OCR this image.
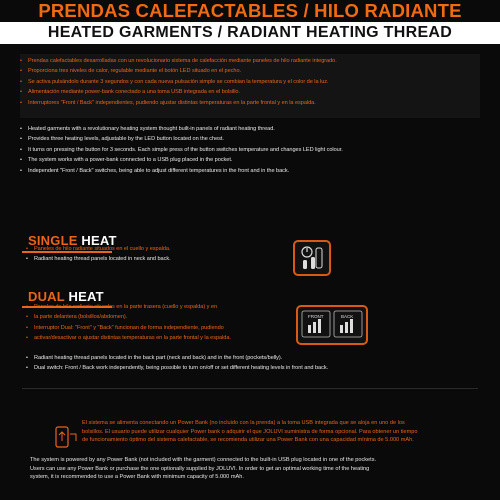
PRENDAS CALEFACTABLES / HILO RADIANTE
HEATED GARMENTS / RADIANT HEATING THREAD
• Prendas calefactables desarrolladas con un revolucionario sistema de calefacción mediante paneles de hilo radiante integrado.
• Proporciona tres niveles de calor, regulable mediante el botón LED situado en el pecho.
• Se activa pulsándolo durante 3 segundos y con cada nueva pulsación simple se combian la temperatura y el color de la luz.
• Alimentación mediante power-bank conectado a una toma USB integrada en el bolsillo.
• Interruptores "Front / Back" independientes, pudiendo ajustar distintas temperaturas en la parte frontal y en la espalda.
• Heated garments with a revolutionary heating system thought built-in panels of radiant heating thread.
• Provides three heating levels, adjustable by the LED button located on the chest.
• It turns on pressing the button for 3 seconds. Each simple press of the button switches temperature and changes LED light colour.
• The system works with a power-bank connected to a USB plug placed in the pocket.
• Independent "Front / Back" switches, being able to adjust different temperatures in the front and in the back.
SINGLE HEAT
• Paneles de hilo radiante situados en el cuello y espalda.
• Radiant heating thread panels located in neck and back.
DUAL HEAT
• Paneles de hilo radiante situados en la parte trasera (cuello y espalda) y en
• la parte delantera (bolsillos/abdomen).
• Interruptor Dual: "Front" y "Back" funcionan de forma independiente, pudiendo
• activar/desactivar o ajustar distintas temperaturas en la parte frontal y la espalda.
FRONT	BACK
• Radiant heating thread panels located in the back part (neck and back) and in the front (pockets/belly).
• Dual switch: Front / Back work independently, being possible to turn on/off or set different heating levels in front and back.
El sistema se alimenta conectando un Power Bank (no incluido con la prenda) a la toma USB integrada que se aloja en uno de los
bolsillos. El usuario puede utilizar cualquier Power bank o adquirir el que JOLUVI suministra de forma opcional. Para obtener un tiempo
de funcionamiento óptimo del sistema calefactable, se recomienda utilizar una Power Bank con una capacidad mínima de 5.000 mAh.
The system is powered by any Power Bank (not included with the garment) connected to the built-in USB plug located in one of the pockets.
Users can use any Power Bank or purchase the one optionally supplied by JOLUVI. In order to get an optimal working time of the heating
system, it is recommended to use a Power Bank with minimum capacity of 5.000 mAh.
